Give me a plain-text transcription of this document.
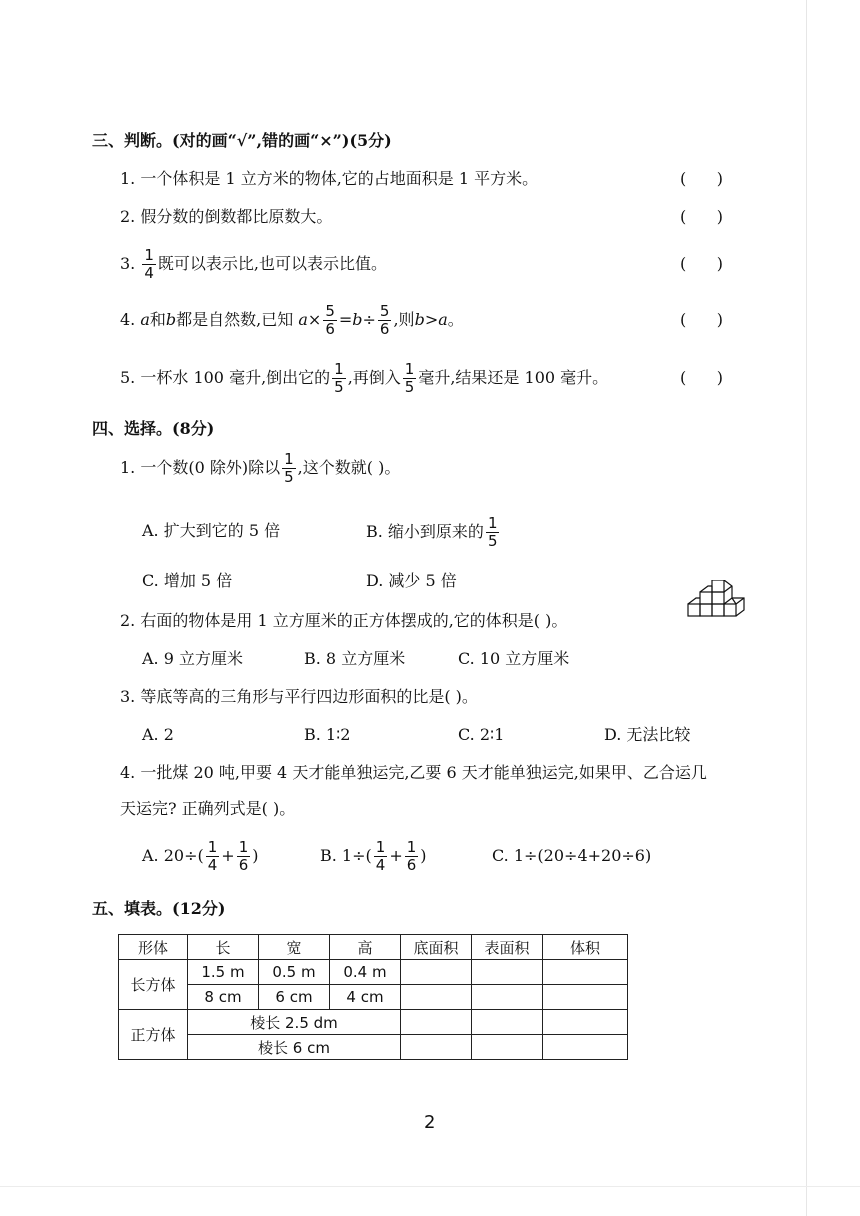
三、判断。(对的画“√”,错的画“×”)(5分)
1. 一个体积是 1 立方米的物体,它的占地面积是 1 平方米。	(      )
2. 假分数的倒数都比原数大。	(      )
3. $\frac{1}{4}$ 既可以表示比,也可以表示比值。	(      )
4. a和b都是自然数,已知 $a\times \frac{5}{6} =b\div \frac{5}{6}$ ,则b>a。	(      )
5. 一杯水 100 毫升,倒出它的 $\frac{1}{5}$ ,再倒入 $\frac{1}{5}$ 毫升,结果还是 100 毫升。	(      )
四、选择。(8分)
1. 一个数(0 除外)除以 $\frac{1}{5}$ ,这个数就( )。
A. 扩大到它的 5 倍	B. 缩小到原来的 $\frac{1}{5}$
C. 增加 5 倍	D. 减少 5 倍
2. 右面的物体是用 1 立方厘米的正方体摆成的,它的体积是( )。
A. 9 立方厘米	B. 8 立方厘米	C. 10 立方厘米
3. 等底等高的三角形与平行四边形面积的比是( )。
A. 2	B. 1∶2	C. 2∶1	D. 无法比较
4. 一批煤 20 吨,甲要 4 天才能单独运完,乙要 6 天才能单独运完,如果甲、乙合运几
天运完? 正确列式是( )。
A. $20\div( \frac{1}{4} + \frac{1}{6}$ )	B. $1\div( \frac{1}{4} + \frac{1}{6}$ )	C. 1÷(20÷4+20÷6)
五、填表。(12分)
形体	长	宽	高	底面积	表面积	体积
长方体	1.5 m	0.5 m	0.4 m			
	8 cm	6 cm	4 cm			
正方体	棱长 2.5 dm					
	棱长 6 cm					
2
